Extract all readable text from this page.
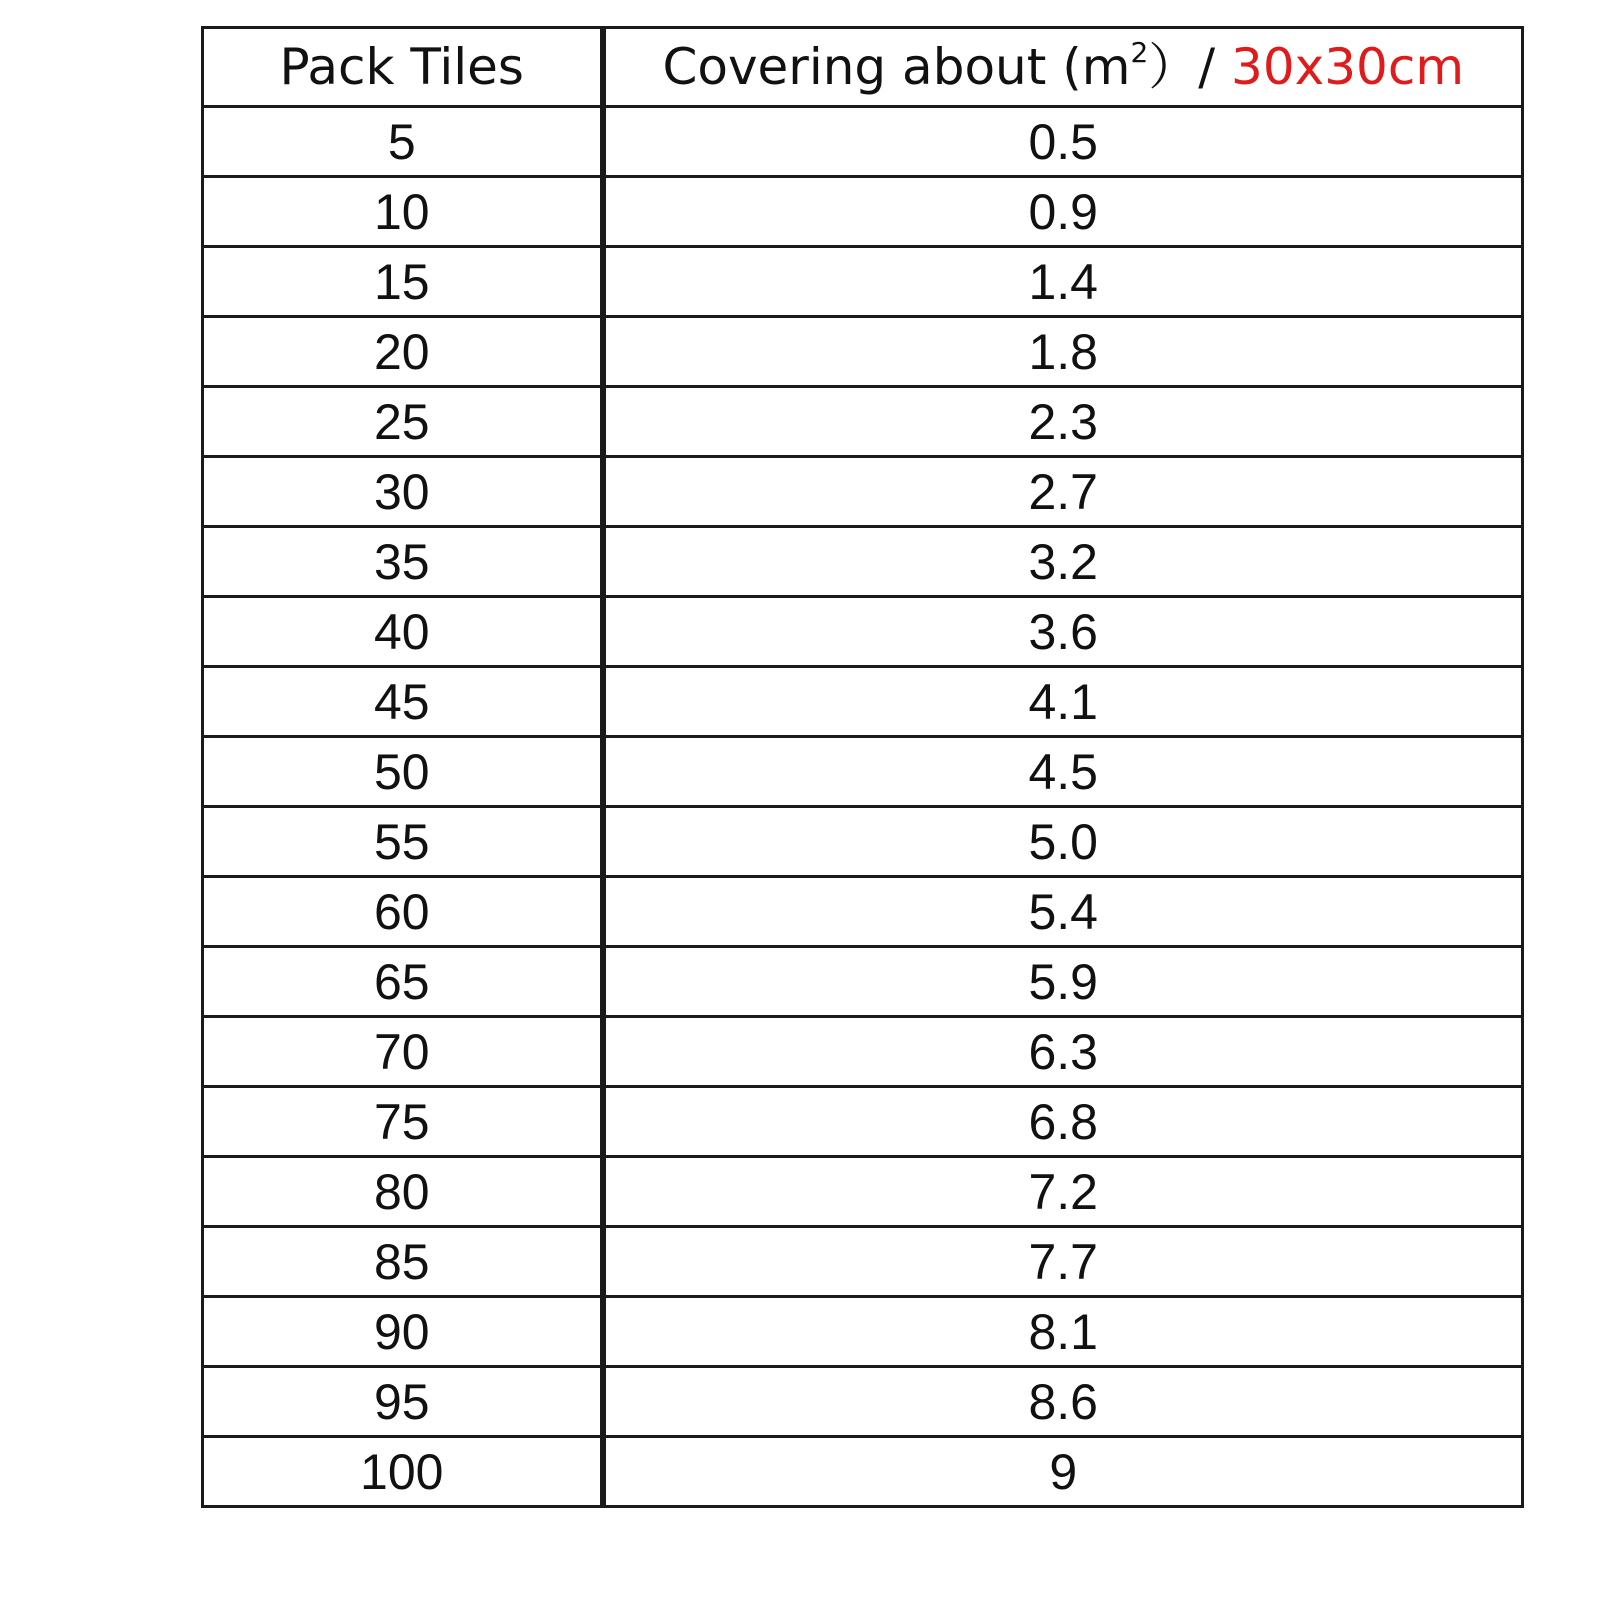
Pack Tiles	Covering about $(m^2)/$ 30x30cm
5	0.5
10	0.9
15	1.4
20	1.8
25	2.3
30	2.7
35	3.2
40	3.6
45	4.1
50	4.5
55	5.0
60	5.4
65	5.9
70	6.3
75	6.8
80	7.2
85	7.7
90	8.1
95	8.6
100	9
